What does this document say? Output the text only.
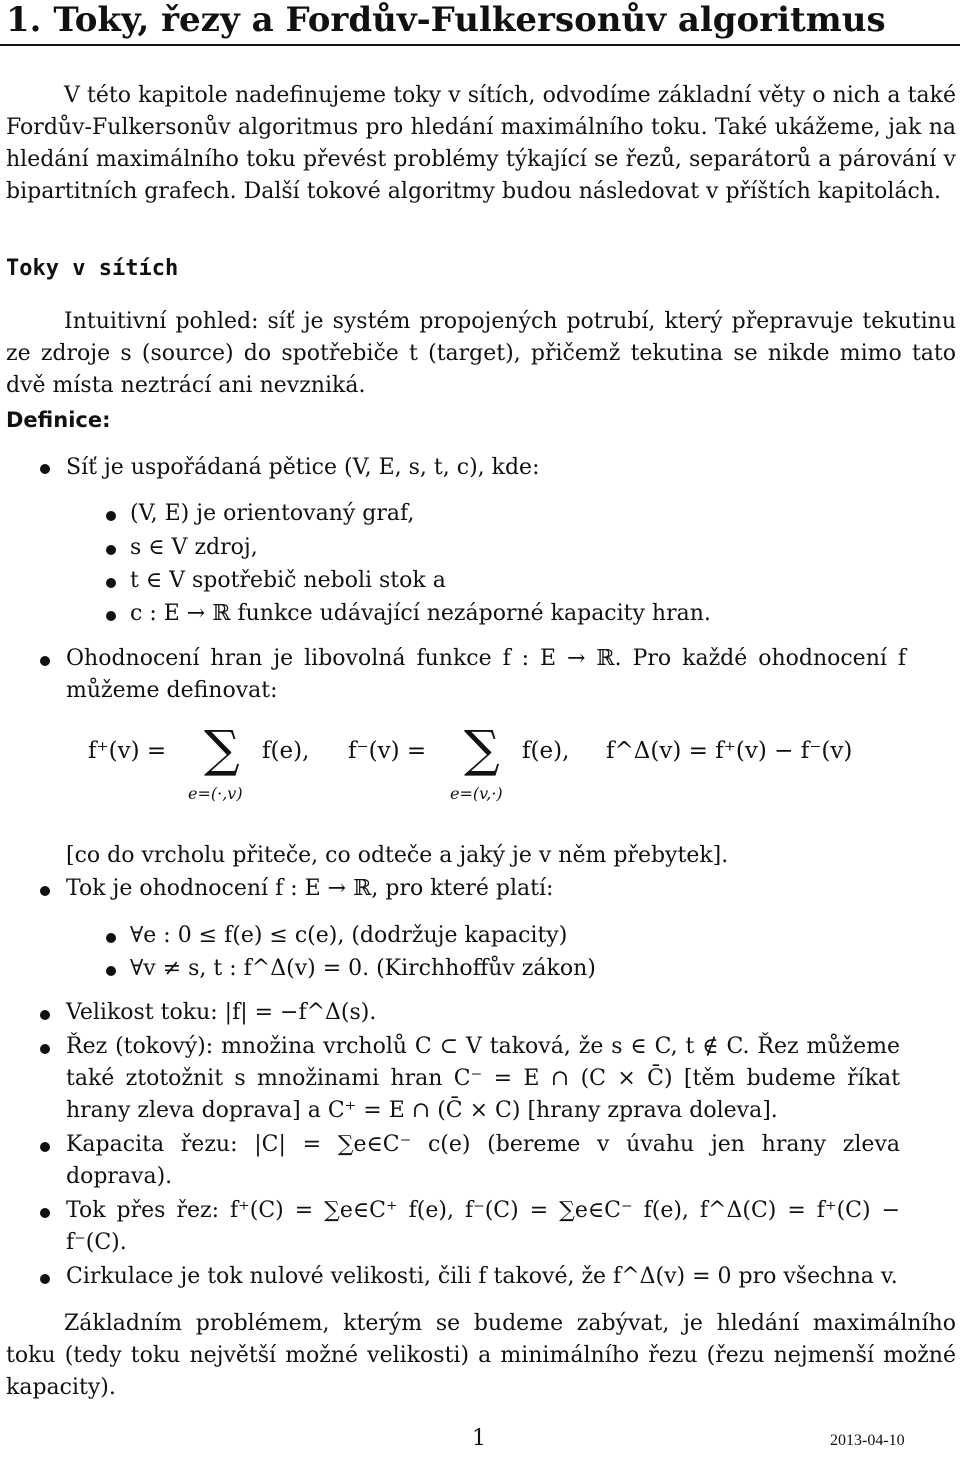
1. Toky, řezy a Fordův-Fulkersonův algoritmus
V této kapitole nadefinujeme toky v sítích, odvodíme základní věty o nich a také Fordův-Fulkersonův algoritmus pro hledání maximálního toku. Také ukážeme, jak na hledání maximálního toku převést problémy týkající se řezů, separátorů a párování v bipartitních grafech. Další tokové algoritmy budou následovat v příštích kapitolách.
Toky v sítích
Intuitivní pohled: síť je systém propojených potrubí, který přepravuje tekutinu ze zdroje s (source) do spotřebiče t (target), přičemž tekutina se nikde mimo tato dvě místa neztrácí ani nevzniká.
Definice:
Síť je uspořádaná pětice (V, E, s, t, c), kde:
(V, E) je orientovaný graf,
s ∈ V zdroj,
t ∈ V spotřebič neboli stok a
c : E → ℝ funkce udávající nezáporné kapacity hran.
Ohodnocení hran je libovolná funkce f : E → ℝ. Pro každé ohodnocení f můžeme definovat:
f⁺(v) = ∑
e=(·,v)
f(e), f⁻(v) = ∑
e=(v,·)
f(e), f^Δ(v) = f⁺(v) − f⁻(v)
[co do vrcholu přiteče, co odteče a jaký je v něm přebytek].
Tok je ohodnocení f : E → ℝ, pro které platí:
∀e : 0 ≤ f(e) ≤ c(e), (dodržuje kapacity)
∀v ≠ s, t : f^Δ(v) = 0. (Kirchhoffův zákon)
Velikost toku: |f| = −f^Δ(s).
Řez (tokový): množina vrcholů C ⊂ V taková, že s ∈ C, t ∉ C. Řez můžeme také ztotožnit s množinami hran C⁻ = E ∩ (C × C̄) [těm budeme říkat hrany zleva doprava] a C⁺ = E ∩ (C̄ × C) [hrany zprava doleva].
Kapacita řezu: |C| = ∑e∈C⁻ c(e) (bereme v úvahu jen hrany zleva doprava).
Tok přes řez: f⁺(C) = ∑e∈C⁺ f(e), f⁻(C) = ∑e∈C⁻ f(e), f^Δ(C) = f⁺(C) − f⁻(C).
Cirkulace je tok nulové velikosti, čili f takové, že f^Δ(v) = 0 pro všechna v.
Základním problémem, kterým se budeme zabývat, je hledání maximálního toku (tedy toku největší možné velikosti) a minimálního řezu (řezu nejmenší možné kapacity).
1	2013-04-10
